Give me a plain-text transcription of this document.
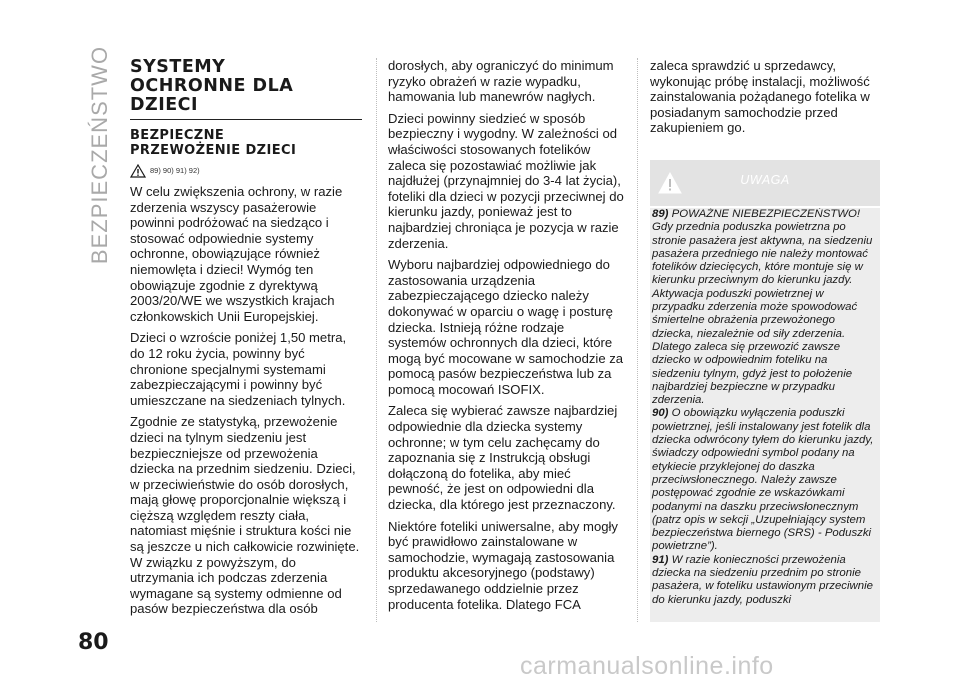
BEZPIECZEŃSTWO
80
SYSTEMY
OCHRONNE DLA
DZIECI
BEZPIECZNE
PRZEWOŻENIE DZIECI
89) 90) 91) 92)

W celu zwiększenia ochrony, w razie zderzenia wszyscy pasażerowie powinni podróżować na siedząco i stosować odpowiednie systemy ochronne, obowiązujące również niemowlęta i dzieci! Wymóg ten obowiązuje zgodnie z dyrektywą 2003/20/WE we wszystkich krajach członkowskich Unii Europejskiej.

Dzieci o wzroście poniżej 1,50 metra, do 12 roku życia, powinny być chronione specjalnymi systemami zabezpieczającymi i powinny być umieszczane na siedzeniach tylnych.

Zgodnie ze statystyką, przewożenie dzieci na tylnym siedzeniu jest bezpieczniejsze od przewożenia dziecka na przednim siedzeniu. Dzieci, w przeciwieństwie do osób dorosłych, mają głowę proporcjonalnie większą i cięższą względem reszty ciała, natomiast mięśnie i struktura kości nie są jeszcze u nich całkowicie rozwinięte. W związku z powyższym, do utrzymania ich podczas zderzenia wymagane są systemy odmienne od pasów bezpieczeństwa dla osób

dorosłych, aby ograniczyć do minimum ryzyko obrażeń w razie wypadku, hamowania lub manewrów nagłych.

Dzieci powinny siedzieć w sposób bezpieczny i wygodny. W zależności od właściwości stosowanych fotelików zaleca się pozostawiać możliwie jak najdłużej (przynajmniej do 3-4 lat życia), foteliki dla dzieci w pozycji przeciwnej do kierunku jazdy, ponieważ jest to najbardziej chroniąca je pozycja w razie zderzenia.

Wyboru najbardziej odpowiedniego do zastosowania urządzenia zabezpieczającego dziecko należy dokonywać w oparciu o wagę i posturę dziecka. Istnieją różne rodzaje systemów ochronnych dla dzieci, które mogą być mocowane w samochodzie za pomocą pasów bezpieczeństwa lub za pomocą mocowań ISOFIX.

Zaleca się wybierać zawsze najbardziej odpowiednie dla dziecka systemy ochronne; w tym celu zachęcamy do zapoznania się z Instrukcją obsługi dołączoną do fotelika, aby mieć pewność, że jest on odpowiedni dla dziecka, dla którego jest przeznaczony.

Niektóre foteliki uniwersalne, aby mogły być prawidłowo zainstalowane w samochodzie, wymagają zastosowania produktu akcesoryjnego (podstawy) sprzedawanego oddzielnie przez producenta fotelika. Dlatego FCA

zaleca sprawdzić u sprzedawcy, wykonując próbę instalacji, możliwość zainstalowania pożądanego fotelika w posiadanym samochodzie przed zakupieniem go.

UWAGA

89) POWAŻNE NIEBEZPIECZEŃSTWO! Gdy przednia poduszka powietrzna po stronie pasażera jest aktywna, na siedzeniu pasażera przedniego nie należy montować fotelików dziecięcych, które montuje się w kierunku przeciwnym do kierunku jazdy. Aktywacja poduszki powietrznej w przypadku zderzenia może spowodować śmiertelne obrażenia przewożonego dziecka, niezależnie od siły zderzenia. Dlatego zaleca się przewozić zawsze dziecko w odpowiednim foteliku na siedzeniu tylnym, gdyż jest to położenie najbardziej bezpieczne w przypadku zderzenia.

90) O obowiązku wyłączenia poduszki powietrznej, jeśli instalowany jest fotelik dla dziecka odwrócony tyłem do kierunku jazdy, świadczy odpowiedni symbol podany na etykiecie przyklejonej do daszka przeciwsłonecznego. Należy zawsze postępować zgodnie ze wskazówkami podanymi na daszku przeciwsłonecznym (patrz opis w sekcji „Uzupełniający system bezpieczeństwa biernego (SRS) - Poduszki powietrzne”).

91) W razie konieczności przewożenia dziecka na siedzeniu przednim po stronie pasażera, w foteliku ustawionym przeciwnie do kierunku jazdy, poduszki

carmanualsonline.info
